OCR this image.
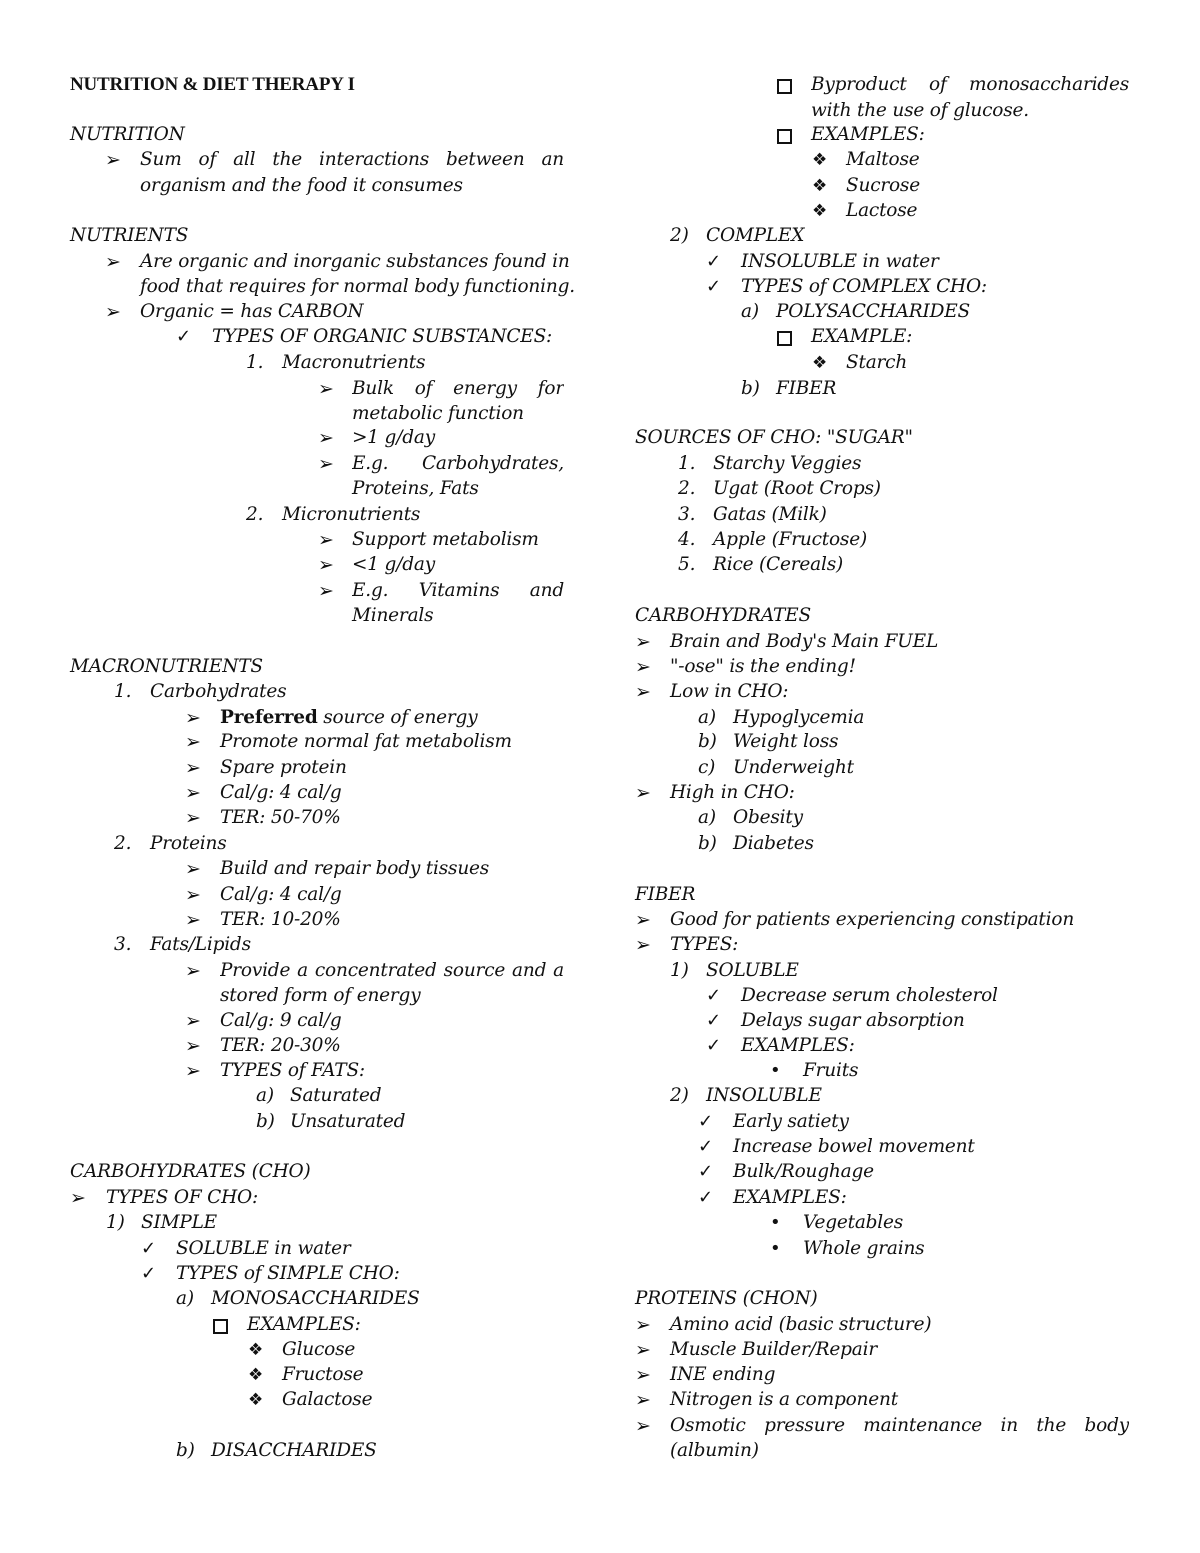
NUTRITION & DIET THERAPY I
NUTRITION
➢ Sum of all the interactions between an
organism and the food it consumes
NUTRIENTS
➢ Are organic and inorganic substances found in
food that requires for normal body functioning.
➢ Organic = has CARBON
✓ TYPES OF ORGANIC SUBSTANCES:
1. Macronutrients
➢ Bulk of energy for
metabolic function
➢ >1 g/day
➢ E.g. Carbohydrates,
Proteins, Fats
2. Micronutrients
➢ Support metabolism
➢ <1 g/day
➢ E.g. Vitamins and
Minerals
MACRONUTRIENTS
1. Carbohydrates
➢ Preferred source of energy
➢ Promote normal fat metabolism
➢ Spare protein
➢ Cal/g: 4 cal/g
➢ TER: 50-70%
2. Proteins
➢ Build and repair body tissues
➢ Cal/g: 4 cal/g
➢ TER: 10-20%
3. Fats/Lipids
➢ Provide a concentrated source and a
stored form of energy
➢ Cal/g: 9 cal/g
➢ TER: 20-30%
➢ TYPES of FATS:
a) Saturated
b) Unsaturated
CARBOHYDRATES (CHO)
➢ TYPES OF CHO:
1) SIMPLE
✓ SOLUBLE in water
✓ TYPES of SIMPLE CHO:
a) MONOSACCHARIDES
EXAMPLES:
❖ Glucose
❖ Fructose
❖ Galactose
b) DISACCHARIDES
Byproduct of monosaccharides
with the use of glucose.
EXAMPLES:
❖ Maltose
❖ Sucrose
❖ Lactose
2) COMPLEX
✓ INSOLUBLE in water
✓ TYPES of COMPLEX CHO:
a) POLYSACCHARIDES
EXAMPLE:
❖ Starch
b) FIBER
SOURCES OF CHO: "SUGAR"
1. Starchy Veggies
2. Ugat (Root Crops)
3. Gatas (Milk)
4. Apple (Fructose)
5. Rice (Cereals)
CARBOHYDRATES
➢ Brain and Body's Main FUEL
➢ "-ose" is the ending!
➢ Low in CHO:
a) Hypoglycemia
b) Weight loss
c) Underweight
➢ High in CHO:
a) Obesity
b) Diabetes
FIBER
➢ Good for patients experiencing constipation
➢ TYPES:
1) SOLUBLE
✓ Decrease serum cholesterol
✓ Delays sugar absorption
✓ EXAMPLES:
• Fruits
2) INSOLUBLE
✓ Early satiety
✓ Increase bowel movement
✓ Bulk/Roughage
✓ EXAMPLES:
• Vegetables
• Whole grains
PROTEINS (CHON)
➢ Amino acid (basic structure)
➢ Muscle Builder/Repair
➢ INE ending
➢ Nitrogen is a component
➢ Osmotic pressure maintenance in the body
(albumin)
